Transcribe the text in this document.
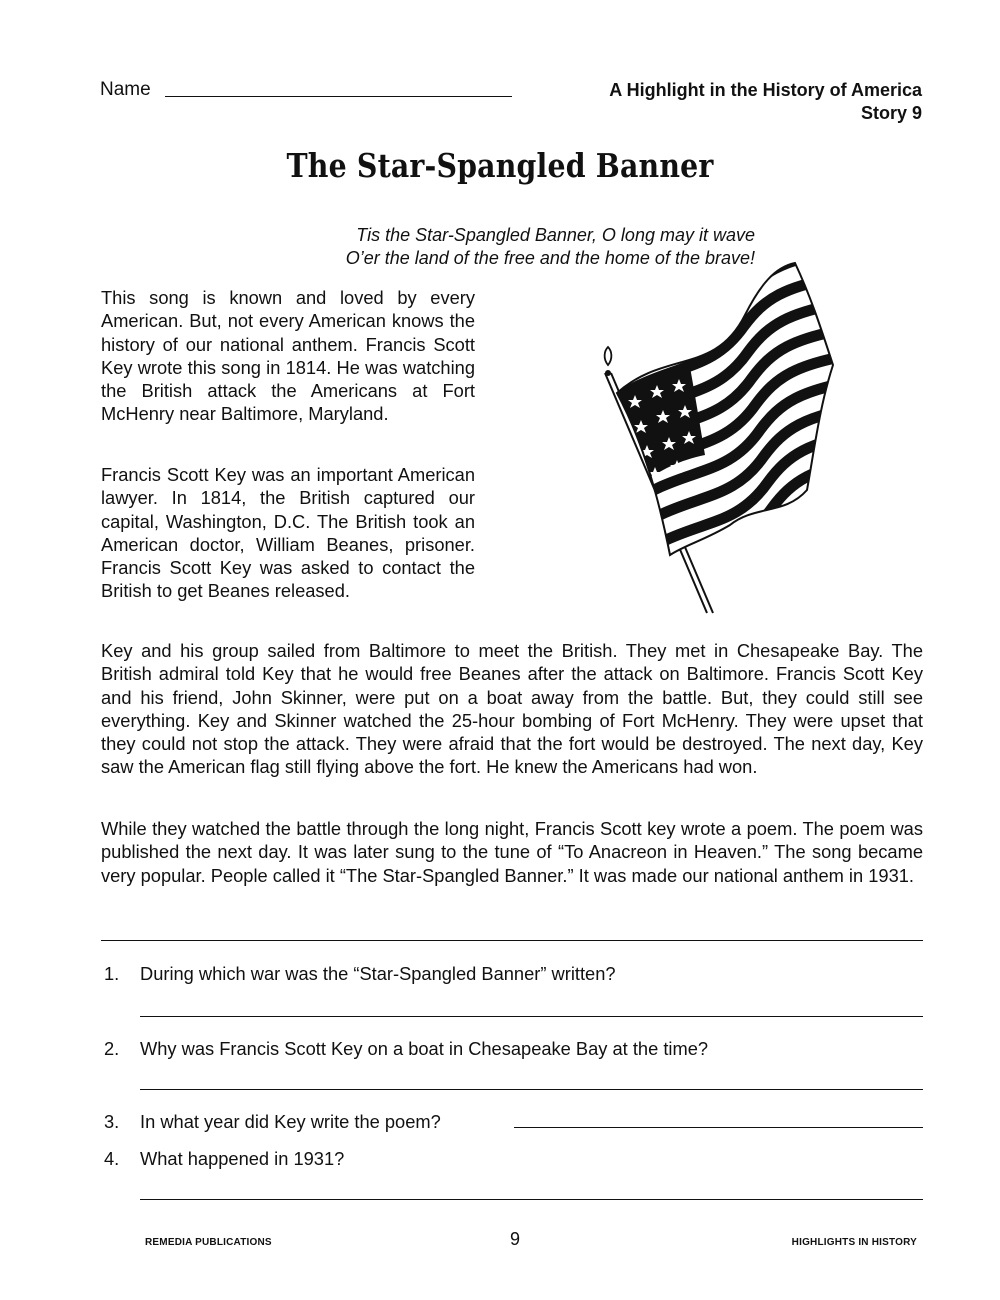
Name	A Highlight in the History of America
Story 9
The Star-Spangled Banner
Tis the Star-Spangled Banner, O long may it wave
O’er the land of the free and the home of the brave!

This song is known and loved by every American. But, not every American knows the history of our national anthem. Francis Scott Key wrote this song in 1814. He was watching the British attack the Americans at Fort McHenry near Baltimore, Maryland.

Francis Scott Key was an important American lawyer. In 1814, the British captured our capital, Washington, D.C. The British took an American doctor, William Beanes, prisoner. Francis Scott Key was asked to contact the British to get Beanes released.

Key and his group sailed from Baltimore to meet the British. They met in Chesapeake Bay. The British admiral told Key that he would free Beanes after the attack on Baltimore. Francis Scott Key and his friend, John Skinner, were put on a boat away from the battle. But, they could still see everything. Key and Skinner watched the 25-hour bombing of Fort McHenry. They were upset that they could not stop the attack. They were afraid that the fort would be destroyed. The next day, Key saw the American flag still flying above the fort. He knew the Americans had won.

While they watched the battle through the long night, Francis Scott key wrote a poem. The poem was published the next day. It was later sung to the tune of “To Anacreon in Heaven.” The song became very popular. People called it “The Star-Spangled Banner.” It was made our national anthem in 1931.

1. During which war was the “Star-Spangled Banner” written?
2. Why was Francis Scott Key on a boat in Chesapeake Bay at the time?
3. In what year did Key write the poem?
4. What happened in 1931?
REMEDIA PUBLICATIONS	9	HIGHLIGHTS IN HISTORY
